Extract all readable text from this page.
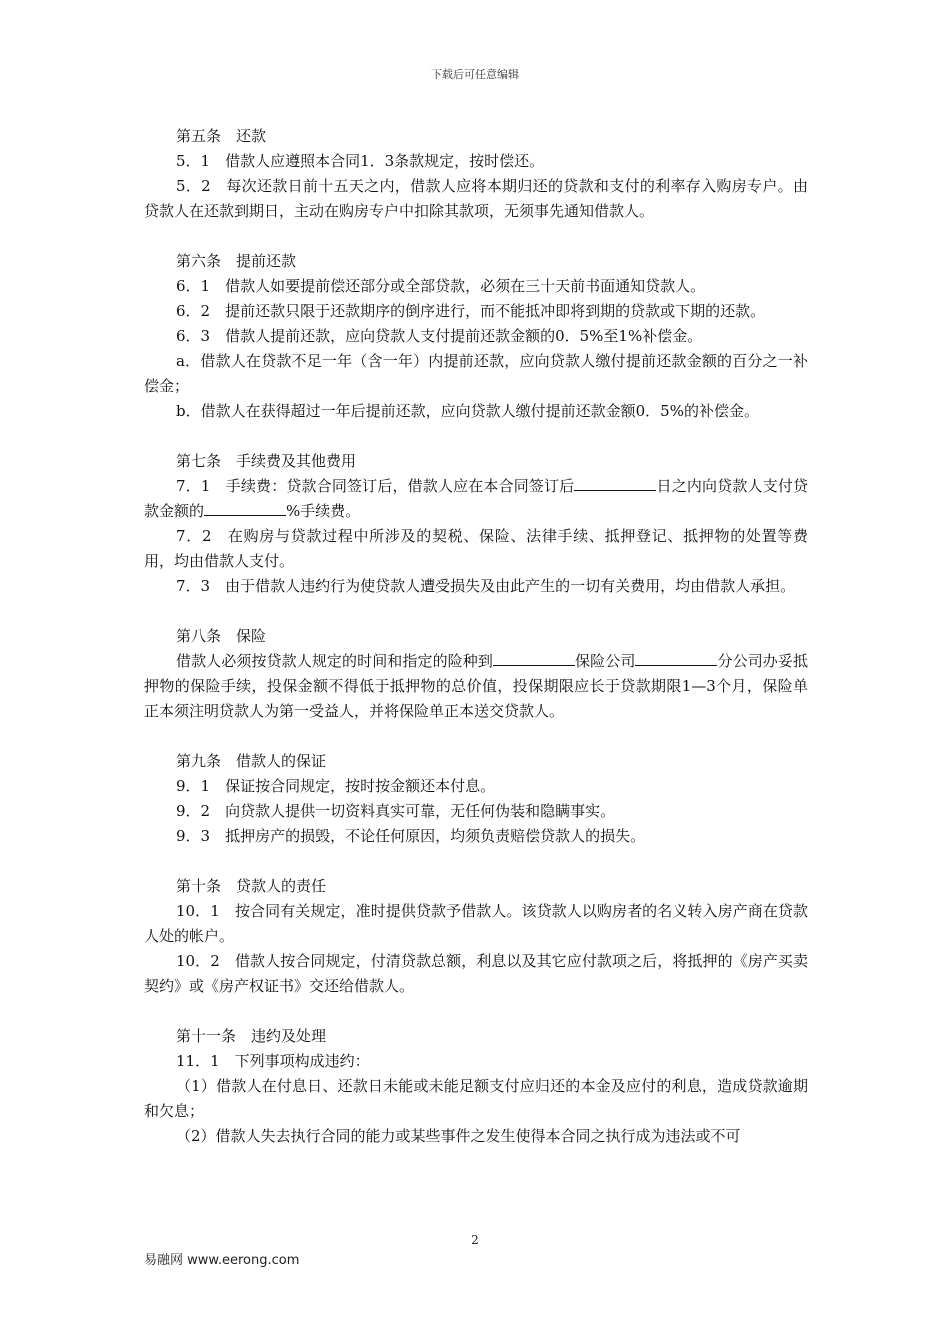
下载后可任意编辑

第五条　还款

5．1　借款人应遵照本合同1．3条款规定，按时偿还。

5．2　每次还款日前十五天之内，借款人应将本期归还的贷款和支付的利率存入购房专户。由贷款人在还款到期日，主动在购房专户中扣除其款项，无须事先通知借款人。

第六条　提前还款

6．1　借款人如要提前偿还部分或全部贷款，必须在三十天前书面通知贷款人。

6．2　提前还款只限于还款期序的倒序进行，而不能抵冲即将到期的贷款或下期的还款。

6．3　借款人提前还款，应向贷款人支付提前还款金额的0．5%至1%补偿金。

a．借款人在贷款不足一年（含一年）内提前还款，应向贷款人缴付提前还款金额的百分之一补偿金；

b．借款人在获得超过一年后提前还款，应向贷款人缴付提前还款金额0．5%的补偿金。

第七条　手续费及其他费用

7．1　手续费：贷款合同签订后，借款人应在本合同签订后	日之内向贷款人支付贷款金额的	%手续费。

7．2　在购房与贷款过程中所涉及的契税、保险、法律手续、抵押登记、抵押物的处置等费用，均由借款人支付。

7．3　由于借款人违约行为使贷款人遭受损失及由此产生的一切有关费用，均由借款人承担。

第八条　保险

借款人必须按贷款人规定的时间和指定的险种到	保险公司	分公司办妥抵押物的保险手续，投保金额不得低于抵押物的总价值，投保期限应长于贷款期限1—3个月，保险单正本须注明贷款人为第一受益人，并将保险单正本送交贷款人。

第九条　借款人的保证

9．1　保证按合同规定，按时按金额还本付息。

9．2　向贷款人提供一切资料真实可靠，无任何伪装和隐瞒事实。

9．3　抵押房产的损毁，不论任何原因，均须负责赔偿贷款人的损失。

第十条　贷款人的责任

10．1　按合同有关规定，准时提供贷款予借款人。该贷款人以购房者的名义转入房产商在贷款人处的帐户。

10．2　借款人按合同规定，付清贷款总额，利息以及其它应付款项之后，将抵押的《房产买卖契约》或《房产权证书》交还给借款人。

第十一条　违约及处理

11．1　下列事项构成违约：

（1）借款人在付息日、还款日未能或未能足额支付应归还的本金及应付的利息，造成贷款逾期和欠息；

（2）借款人失去执行合同的能力或某些事件之发生使得本合同之执行成为违法或不可

2
易融网 www.eerong.com
